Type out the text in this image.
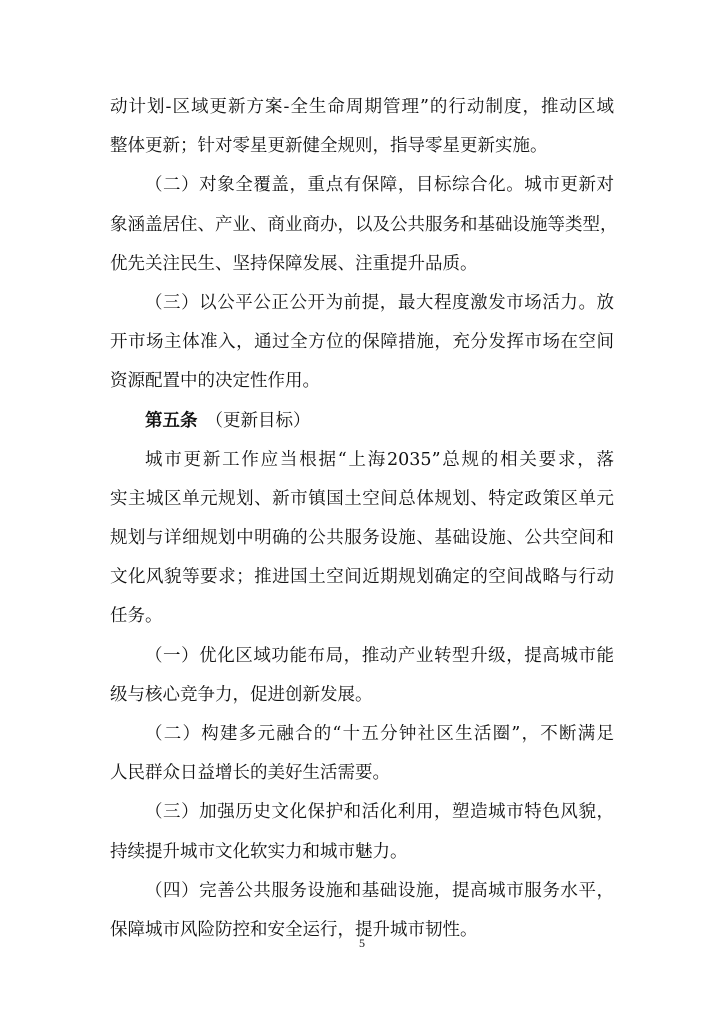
动计划-区域更新方案-全生命周期管理”的行动制度，推动区域
整体更新；针对零星更新健全规则，指导零星更新实施。
（二）对象全覆盖，重点有保障，目标综合化。城市更新对
象涵盖居住、产业、商业商办，以及公共服务和基础设施等类型，
优先关注民生、坚持保障发展、注重提升品质。
（三）以公平公正公开为前提，最大程度激发市场活力。放
开市场主体准入，通过全方位的保障措施，充分发挥市场在空间
资源配置中的决定性作用。
第五条 （更新目标）
城市更新工作应当根据“上海2035”总规的相关要求，落
实主城区单元规划、新市镇国土空间总体规划、特定政策区单元
规划与详细规划中明确的公共服务设施、基础设施、公共空间和
文化风貌等要求；推进国土空间近期规划确定的空间战略与行动
任务。
（一）优化区域功能布局，推动产业转型升级，提高城市能
级与核心竞争力，促进创新发展。
（二）构建多元融合的“十五分钟社区生活圈”，不断满足
人民群众日益增长的美好生活需要。
（三）加强历史文化保护和活化利用，塑造城市特色风貌，
持续提升城市文化软实力和城市魅力。
（四）完善公共服务设施和基础设施，提高城市服务水平，
保障城市风险防控和安全运行，提升城市韧性。
5
